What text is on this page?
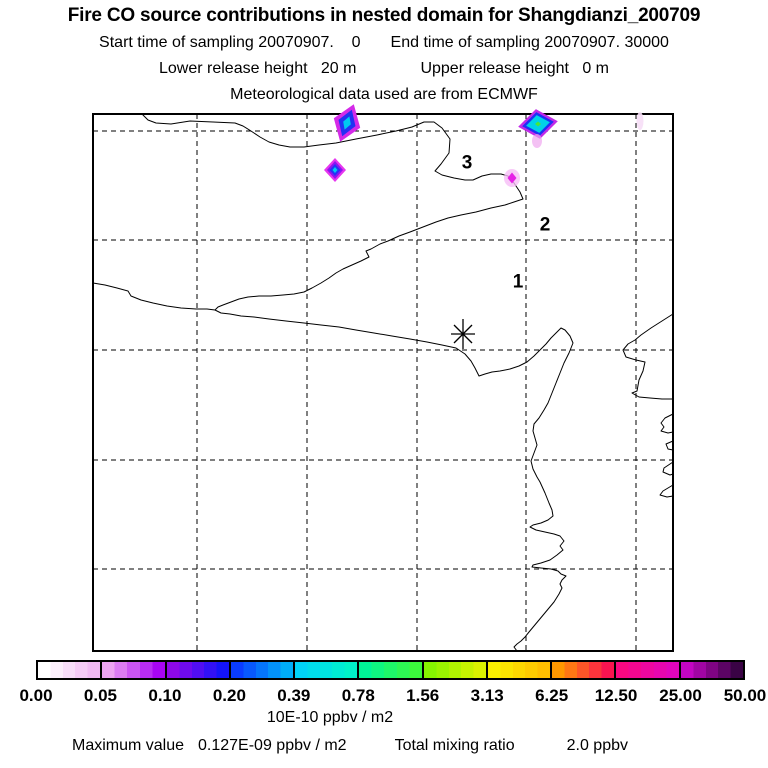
Fire CO source contributions in nested domain for Shangdianzi_200709
Start time of sampling 20070907.    0 End time of sampling 20070907. 30000
Lower release height   20 m	Upper release height   0 m
Meteorological data used are from ECMWF
3
2
1
0.00	0.05	0.10	0.20	0.39	0.78	1.56	3.13	6.25	12.50	25.00	50.00
10E-10 ppbv / m2
Maximum value 0.127E-09 ppbv / m2	Total mixing ratio	2.0 ppbv
